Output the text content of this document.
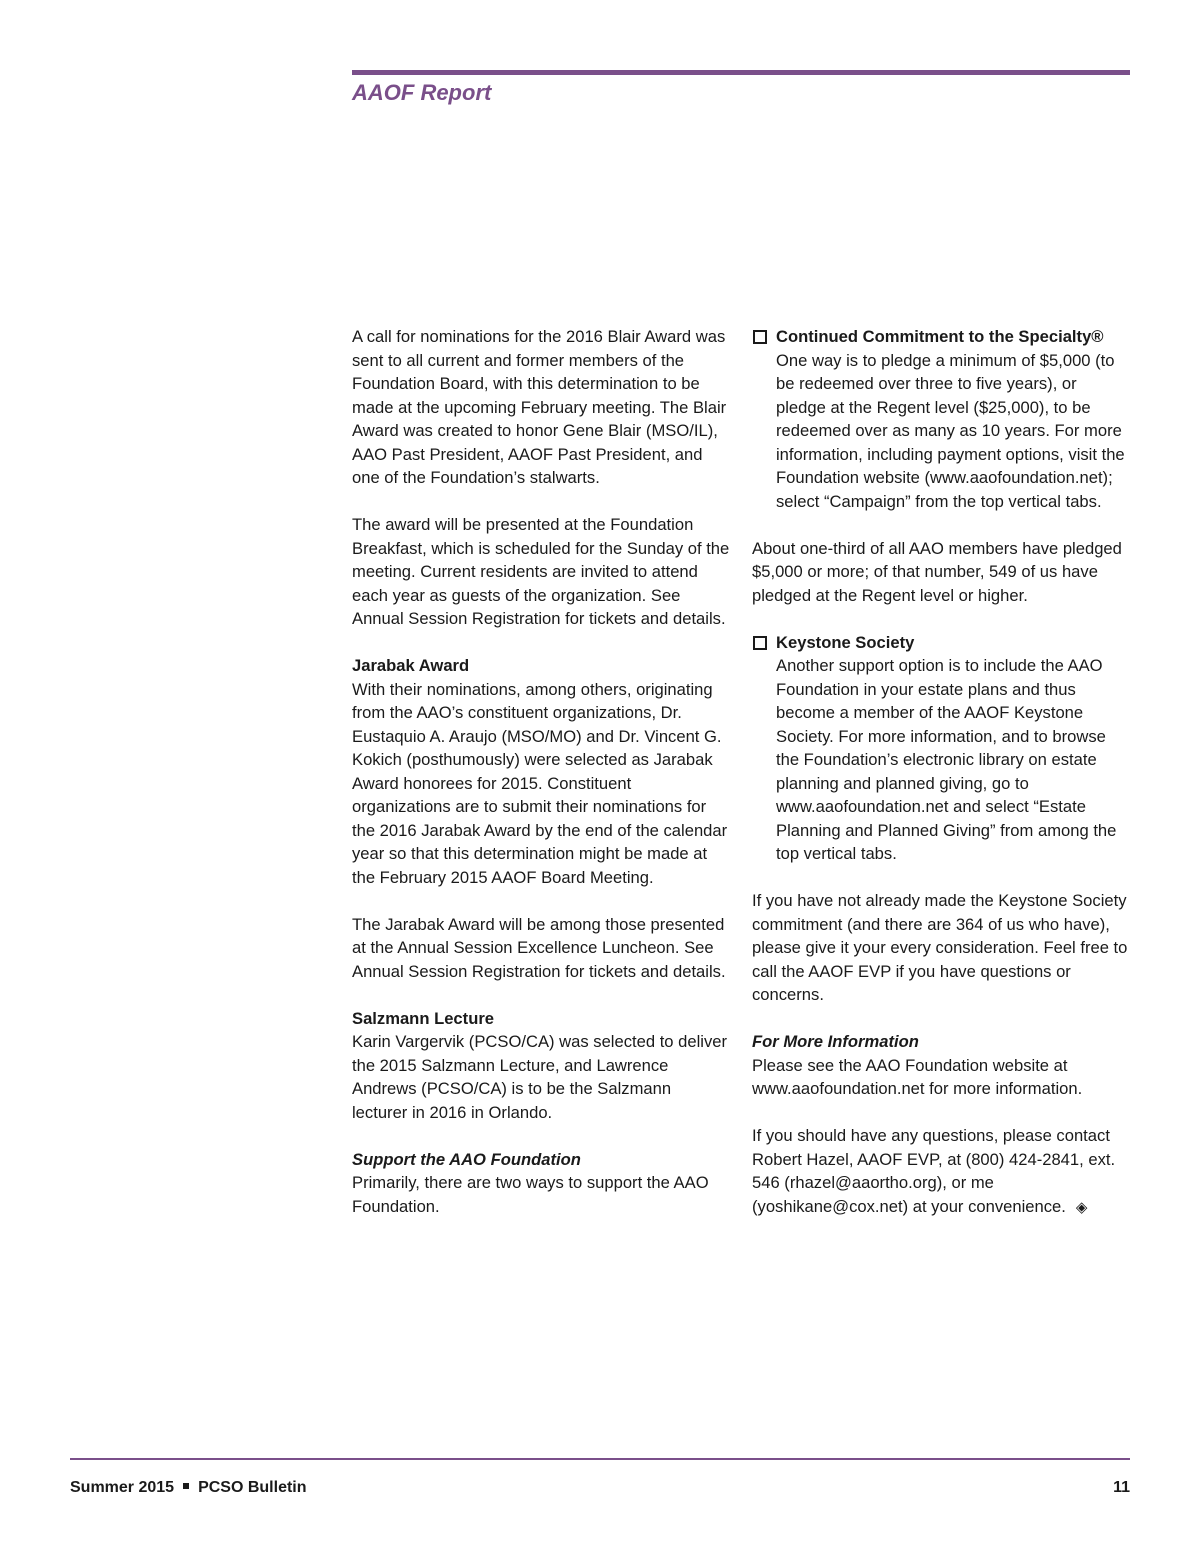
AAOF Report

A call for nominations for the 2016 Blair Award was sent to all current and former members of the Foundation Board, with this determination to be made at the upcoming February meeting. The Blair Award was created to honor Gene Blair (MSO/IL), AAO Past President, AAOF Past President, and one of the Foundation’s stalwarts.

The award will be presented at the Foundation Breakfast, which is scheduled for the Sunday of the meeting. Current residents are invited to attend each year as guests of the organization. See Annual Session Registration for tickets and details.

Jarabak Award
With their nominations, among others, originating from the AAO’s constituent organizations, Dr. Eustaquio A. Araujo (MSO/MO) and Dr. Vincent G. Kokich (posthumously) were selected as Jarabak Award honorees for 2015. Constituent organizations are to submit their nominations for the 2016 Jarabak Award by the end of the calendar year so that this determination might be made at the February 2015 AAOF Board Meeting.

The Jarabak Award will be among those presented at the Annual Session Excellence Luncheon. See Annual Session Registration for tickets and details.

Salzmann Lecture
Karin Vargervik (PCSO/CA) was selected to deliver the 2015 Salzmann Lecture, and Lawrence Andrews (PCSO/CA) is to be the Salzmann lecturer in 2016 in Orlando.

Support the AAO Foundation
Primarily, there are two ways to support the AAO Foundation.

Continued Commitment to the Specialty®
One way is to pledge a minimum of $5,000 (to be redeemed over three to five years), or pledge at the Regent level ($25,000), to be redeemed over as many as 10 years. For more information, including payment options, visit the Foundation website (www.aaofoundation.net); select “Campaign” from the top vertical tabs.

About one-third of all AAO members have pledged $5,000 or more; of that number, 549 of us have pledged at the Regent level or higher.

Keystone Society
Another support option is to include the AAO Foundation in your estate plans and thus become a member of the AAOF Keystone Society. For more information, and to browse the Foundation’s electronic library on estate planning and planned giving, go to www.aaofoundation.net and select “Estate Planning and Planned Giving” from among the top vertical tabs.

If you have not already made the Keystone Society commitment (and there are 364 of us who have), please give it your every consideration. Feel free to call the AAOF EVP if you have questions or concerns.

For More Information
Please see the AAO Foundation website at www.aaofoundation.net for more information.

If you should have any questions, please contact Robert Hazel, AAOF EVP, at (800) 424-2841, ext. 546 (rhazel@aaortho.org), or me (yoshikane@cox.net) at your convenience. ◈

Summer 2015 PCSO Bulletin	11
